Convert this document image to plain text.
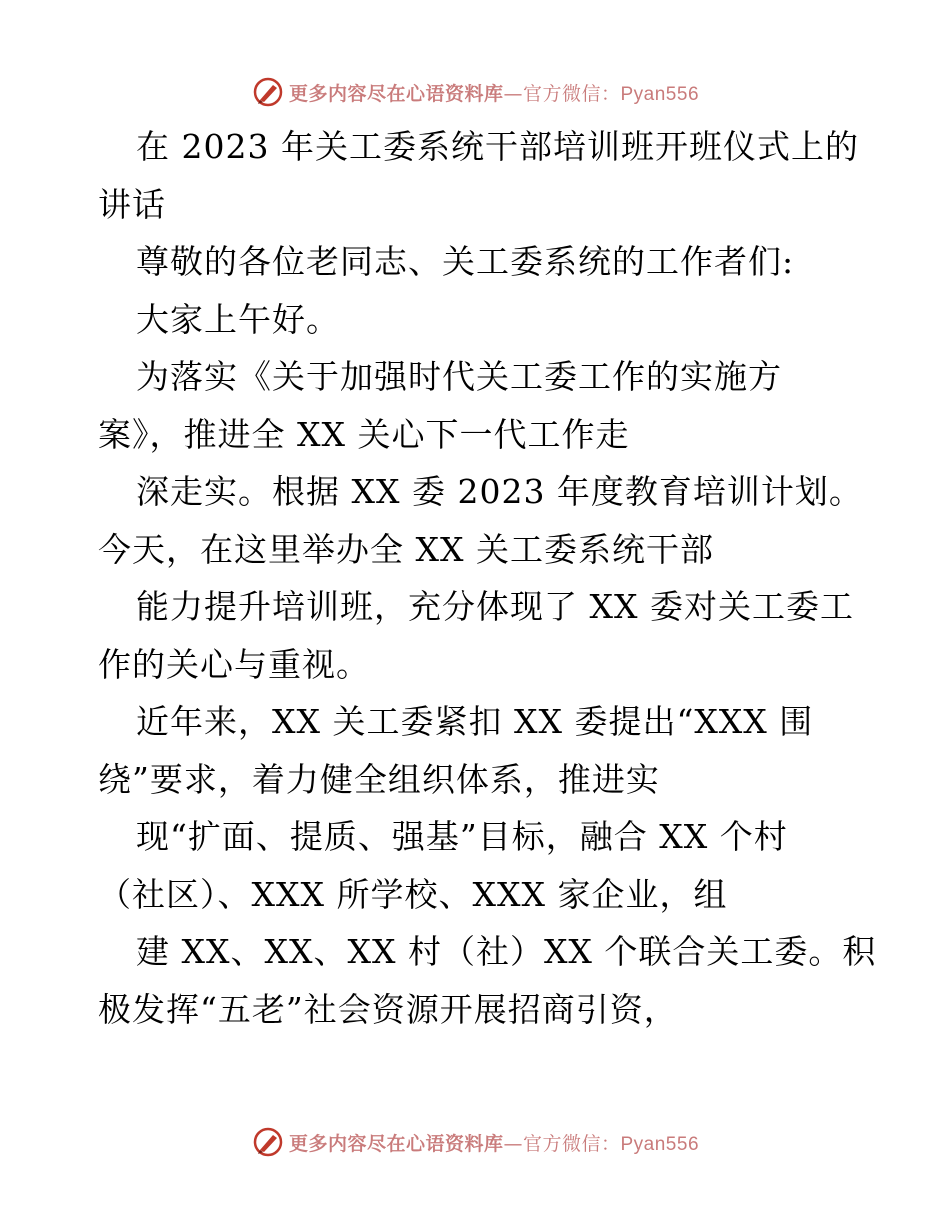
更多内容尽在心语资料库—官方微信：Pyan556
在 2023 年关工委系统干部培训班开班仪式上的
讲话
尊敬的各位老同志、关工委系统的工作者们:
大家上午好。
为落实《关于加强时代关工委工作的实施方
案》，推进全 XX 关心下一代工作走
深走实。根据 XX 委 2023 年度教育培训计划。
今天，在这里举办全 XX 关工委系统干部
能力提升培训班，充分体现了 XX 委对关工委工
作的关心与重视。
近年来，XX 关工委紧扣 XX 委提出“XXX 围
绕”要求，着力健全组织体系，推进实
现“扩面、提质、强基”目标，融合 XX 个村
（社区）、XXX 所学校、XXX 家企业，组
建 XX、XX、XX 村（社）XX 个联合关工委。积
极发挥“五老”社会资源开展招商引资，
更多内容尽在心语资料库—官方微信：Pyan556
